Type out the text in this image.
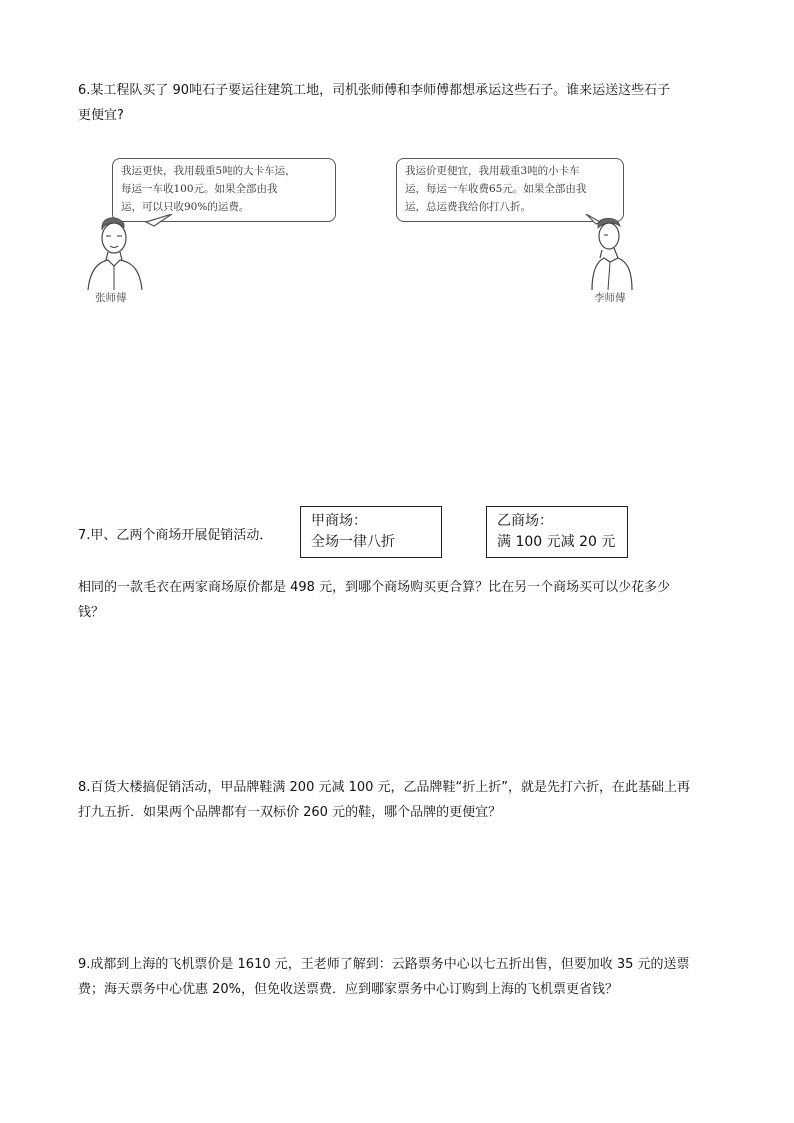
6.某工程队买了 90吨石子要运往建筑工地，司机张师傅和李师傅都想承运这些石子。谁来运送这些石子
更便宜?
我运更快，我用载重5吨的大卡车运，
每运一车收100元。如果全部由我
运，可以只收90%的运费。
张师傅
我运价更便宜，我用载重3吨的小卡车
运，每运一车收费65元。如果全部由我
运，总运费我给你打八折。
李师傅
7.甲、乙两个商场开展促销活动．
甲商场：
全场一律八折
乙商场：
满 100 元减 20 元
相同的一款毛衣在两家商场原价都是 498 元，到哪个商场购买更合算？比在另一个商场买可以少花多少
钱？
8.百货大楼搞促销活动，甲品牌鞋满 200 元减 100 元，乙品牌鞋“折上折”，就是先打六折，在此基础上再
打九五折．如果两个品牌都有一双标价 260 元的鞋，哪个品牌的更便宜？
9.成都到上海的飞机票价是 1610 元，王老师了解到：云路票务中心以七五折出售，但要加收 35 元的送票
费；海天票务中心优惠 20%，但免收送票费．应到哪家票务中心订购到上海的飞机票更省钱？
